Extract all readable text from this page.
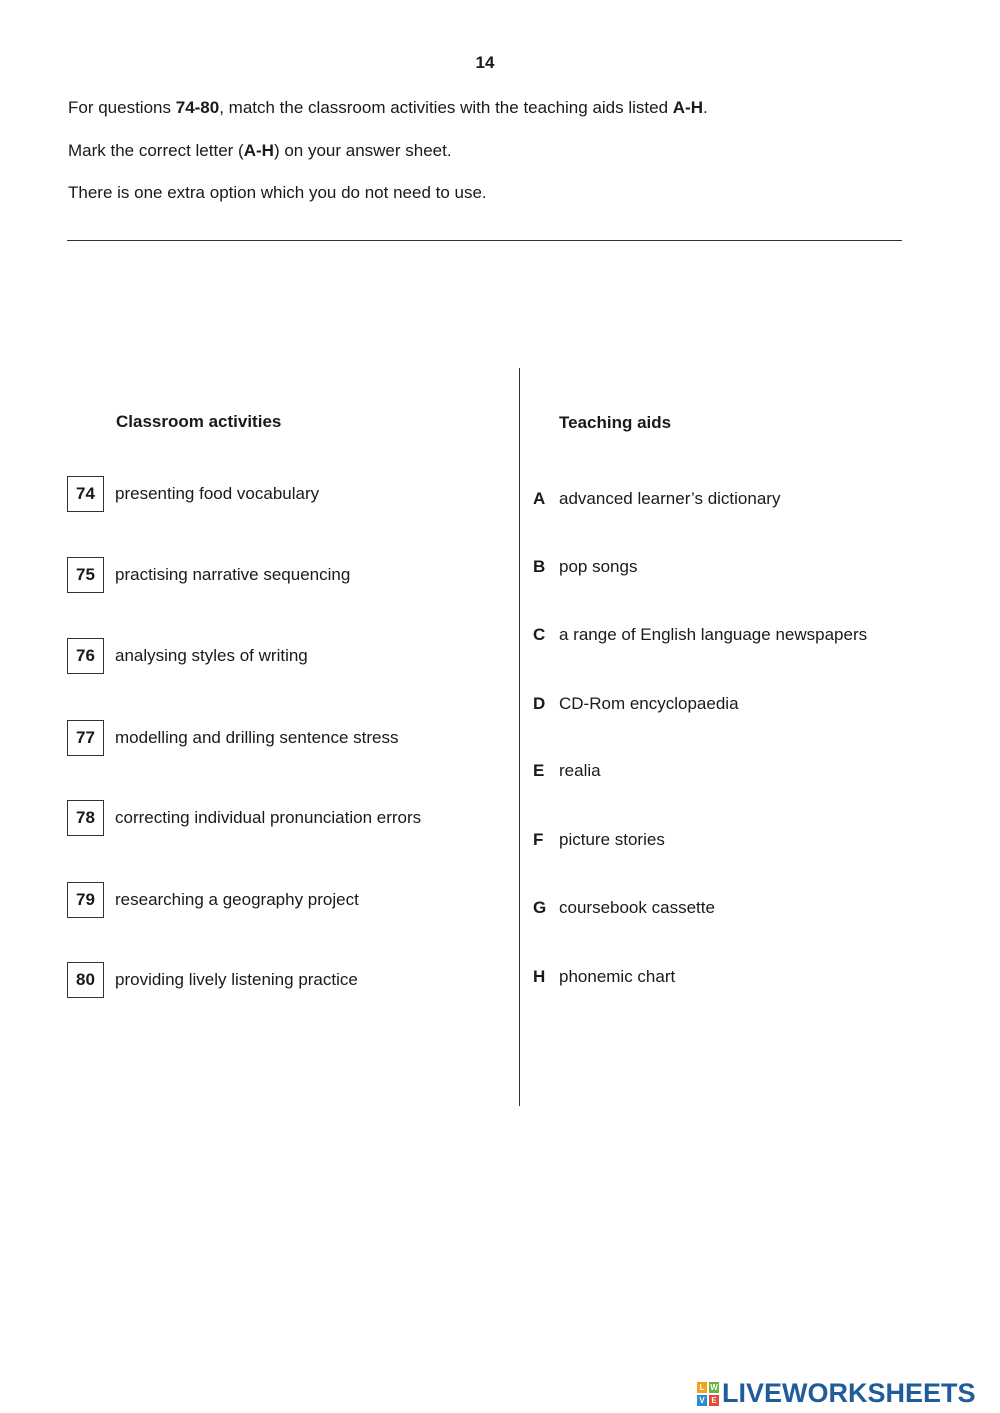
14
For questions 74-80, match the classroom activities with the teaching aids listed A-H.
Mark the correct letter (A-H) on your answer sheet.
There is one extra option which you do not need to use.
Classroom activities	Teaching aids
74	presenting food vocabulary
75	practising narrative sequencing
76	analysing styles of writing
77	modelling and drilling sentence stress
78	correcting individual pronunciation errors
79	researching a geography project
80	providing lively listening practice
A advanced learner’s dictionary
B pop songs
C a range of English language newspapers
D CD-Rom encyclopaedia
E realia
F picture stories
G coursebook cassette
H phonemic chart
L W
V E LIVEWORKSHEETS
